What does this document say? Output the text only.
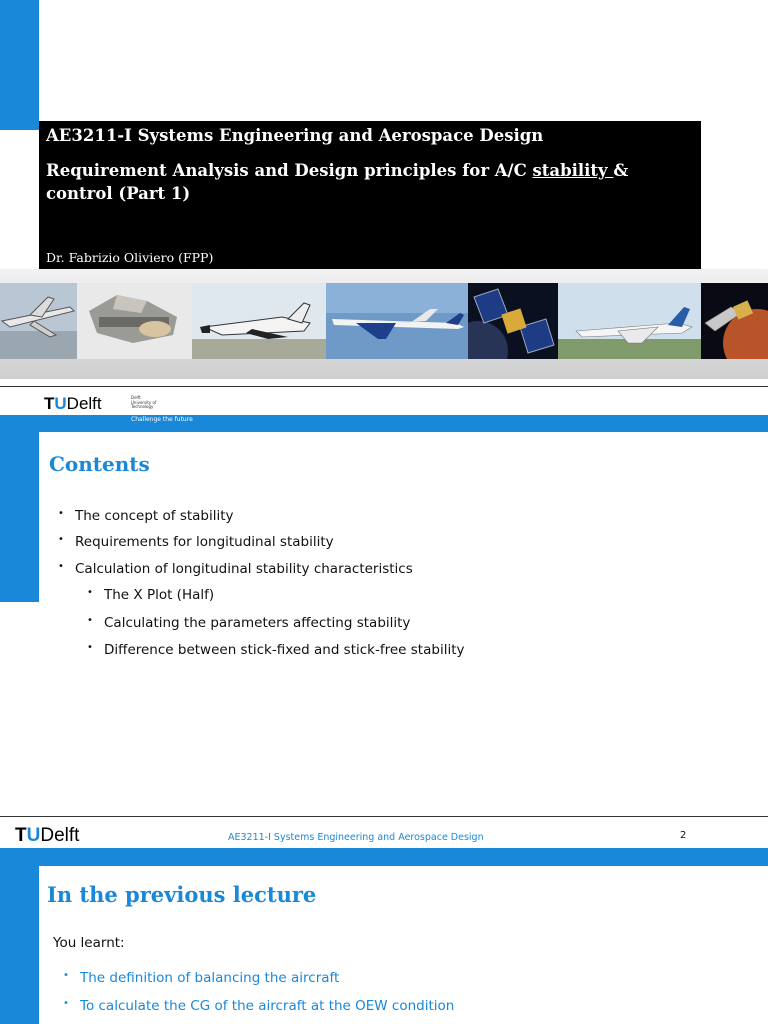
AE3211-I Systems Engineering and Aerospace Design
Requirement Analysis and Design principles for A/C stability & control (Part 1)
Dr. Fabrizio Oliviero (FPP)
TUDelft	Delft
University of
Technology
Challenge the future
Contents
• The concept of stability
• Requirements for longitudinal stability
• Calculation of longitudinal stability characteristics
• The X Plot (Half)
• Calculating the parameters affecting stability
• Difference between stick-fixed and stick-free stability
TUDelft	AE3211-I Systems Engineering and Aerospace Design	2
In the previous lecture
You learnt:
• The definition of balancing the aircraft
• To calculate the CG of the aircraft at the OEW condition
